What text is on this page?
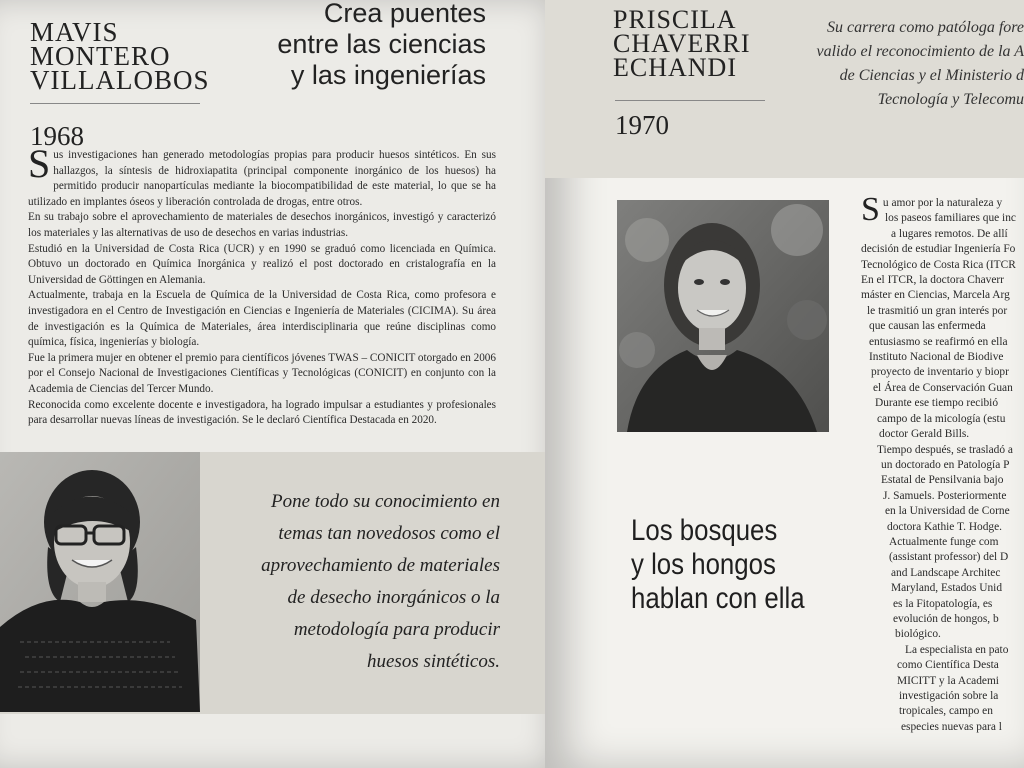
MAVIS
MONTERO
VILLALOBOS
1968
Crea puentes
entre las ciencias
y las ingenierías

Sus investigaciones han generado metodologías propias para producir huesos sintéticos. En sus hallazgos, la síntesis de hidroxiapatita (principal componente inorgánico de los huesos) ha permitido producir nanopartículas mediante la biocompatibilidad de este material, lo que se ha utilizado en implantes óseos y liberación controlada de drogas, entre otros.

En su trabajo sobre el aprovechamiento de materiales de desechos inorgánicos, investigó y caracterizó los materiales y las alternativas de uso de desechos en varias industrias.

Estudió en la Universidad de Costa Rica (UCR) y en 1990 se graduó como licenciada en Química. Obtuvo un doctorado en Química Inorgánica y realizó el post doctorado en cristalografía en la Universidad de Göttingen en Alemania.

Actualmente, trabaja en la Escuela de Química de la Universidad de Costa Rica, como profesora e investigadora en el Centro de Investigación en Ciencias e Ingeniería de Materiales (CICIMA). Su área de investigación es la Química de Materiales, área interdisciplinaria que reúne disciplinas como química, física, ingenierías y biología.

Fue la primera mujer en obtener el premio para científicos jóvenes TWAS – CONICIT otorgado en 2006 por el Consejo Nacional de Investigaciones Científicas y Tecnológicas (CONICIT) en conjunto con la Academia de Ciencias del Tercer Mundo.

Reconocida como excelente docente e investigadora, ha logrado impulsar a estudiantes y profesionales para desarrollar nuevas líneas de investigación. Se le declaró Científica Destacada en 2020.

Pone todo su conocimiento en
temas tan novedosos como el
aprovechamiento de materiales
de desecho inorgánicos o la
metodología para producir
huesos sintéticos.
PRISCILA
CHAVERRI
ECHANDI
1970
Su carrera como patóloga fore
valido el reconocimiento de la A
de Ciencias y el Ministerio d
Tecnología y Telecomu
Los bosques
y los hongos
hablan con ella
Su amor por la naturaleza y
los paseos familiares que inc
a lugares remotos. De allí
decisión de estudiar Ingeniería Fo
Tecnológico de Costa Rica (ITCR
En el ITCR, la doctora Chaverr
máster en Ciencias, Marcela Arg
le trasmitió un gran interés por
que causan las enfermeda
entusiasmo se reafirmó en ella
Instituto Nacional de Biodive
proyecto de inventario y biopr
el Área de Conservación Guan
Durante ese tiempo recibió
campo de la micología (estu
doctor Gerald Bills.
Tiempo después, se trasladó a
un doctorado en Patología P
Estatal de Pensilvania bajo
J. Samuels. Posteriormente
en la Universidad de Corne
doctora Kathie T. Hodge.
Actualmente funge com
(assistant professor) del D
and Landscape Architec
Maryland, Estados Unid
es la Fitopatología, es
evolución de hongos, b
biológico.
La especialista en pato
como Científica Desta
MICITT y la Academi
investigación sobre la
tropicales, campo en
especies nuevas para l
